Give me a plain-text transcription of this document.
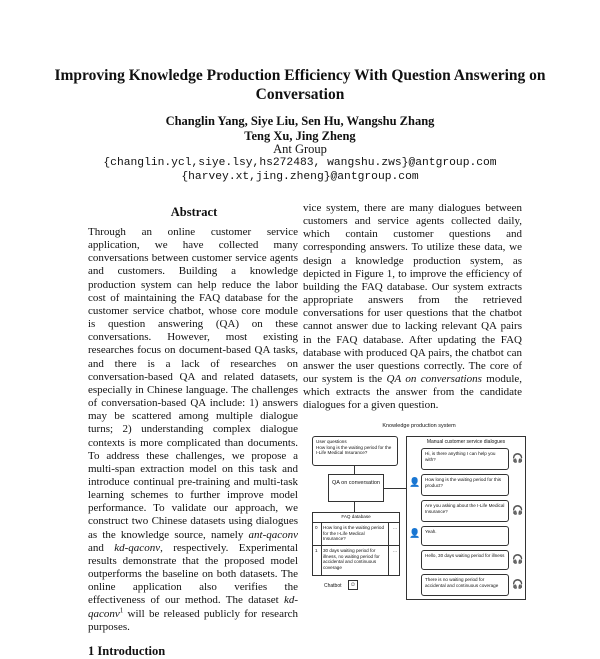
Improving Knowledge Production Efficiency With Question Answering on Conversation
Changlin Yang, Siye Liu, Sen Hu, Wangshu Zhang
Teng Xu, Jing Zheng
Ant Group
{changlin.ycl,siye.lsy,hs272483, wangshu.zws}@antgroup.com
{harvey.xt,jing.zheng}@antgroup.com
Abstract
Through an online customer service application, we have collected many conversations between customer service agents and customers. Building a knowledge production system can help reduce the labor cost of maintaining the FAQ database for the customer service chatbot, whose core module is question answering (QA) on these conversations. However, most existing researches focus on document-based QA tasks, and there is a lack of researches on conversation-based QA and related datasets, especially in Chinese language. The challenges of conversation-based QA include: 1) answers may be scattered among multiple dialogue turns; 2) understanding complex dialogue contexts is more complicated than documents. To address these challenges, we propose a multi-span extraction model on this task and introduce continual pre-training and multi-task learning schemes to further improve model performance. To validate our approach, we construct two Chinese datasets using dialogues as the knowledge source, namely ant-qaconv and kd-qaconv, respectively. Experimental results demonstrate that the proposed model outperforms the baseline on both datasets. The online application also verifies the effectiveness of our method. The dataset kd-qaconv$^1$ will be released publicly for research purposes.
1 Introduction
vice system, there are many dialogues between customers and service agents collected daily, which contain customer questions and corresponding answers. To utilize these data, we design a knowledge production system, as depicted in Figure 1, to improve the efficiency of building the FAQ database. Our system extracts appropriate answers from the retrieved conversations for user questions that the chatbot cannot answer due to lacking relevant QA pairs in the FAQ database. After updating the FAQ database with produced QA pairs, the chatbot can answer the user questions correctly. The core of our system is the QA on conversations module, which extracts the answer from the candidate dialogues for a given question.
Knowledge production system
User questions
How long is the waiting period for the I-Life Medical Insurance?
QA on conversation
FAQ database
0 How long is the waiting period for the I-Life Medical Insurance?
...
1 30 days waiting period for illness, no waiting period for accidental and continuous coverage
...
Chatbot	☺
Manual customer service dialogues
Hi, is there anything I can help you with?	🎧
How long is the waiting period for this product?
👤
Are you asking about the I-Life Medical Insurance?	🎧
Yeah.
👤
Hello, 30 days waiting period for illness 🎧
There is no waiting period for accidental and continuous coverage	🎧
